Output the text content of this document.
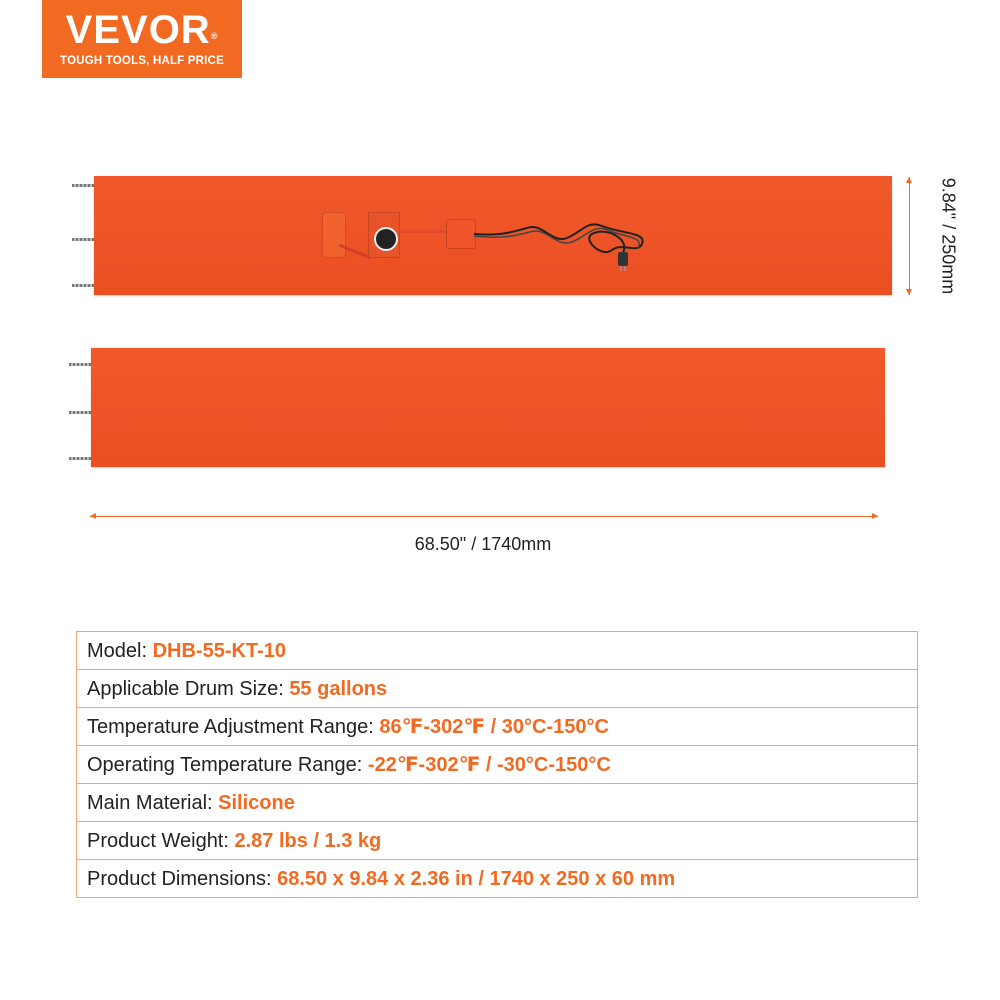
VEVOR®
TOUGH TOOLS, HALF PRICE
9.84" / 250mm
68.50" / 1740mm
Model: DHB-55-KT-10
Applicable Drum Size: 55 gallons
Temperature Adjustment Range: 86℉-302℉ / 30°C-150°C
Operating Temperature Range: -22℉-302℉ / -30°C-150°C
Main Material: Silicone
Product Weight: 2.87 lbs / 1.3 kg
Product Dimensions: 68.50 x 9.84 x 2.36 in / 1740 x 250 x 60 mm
